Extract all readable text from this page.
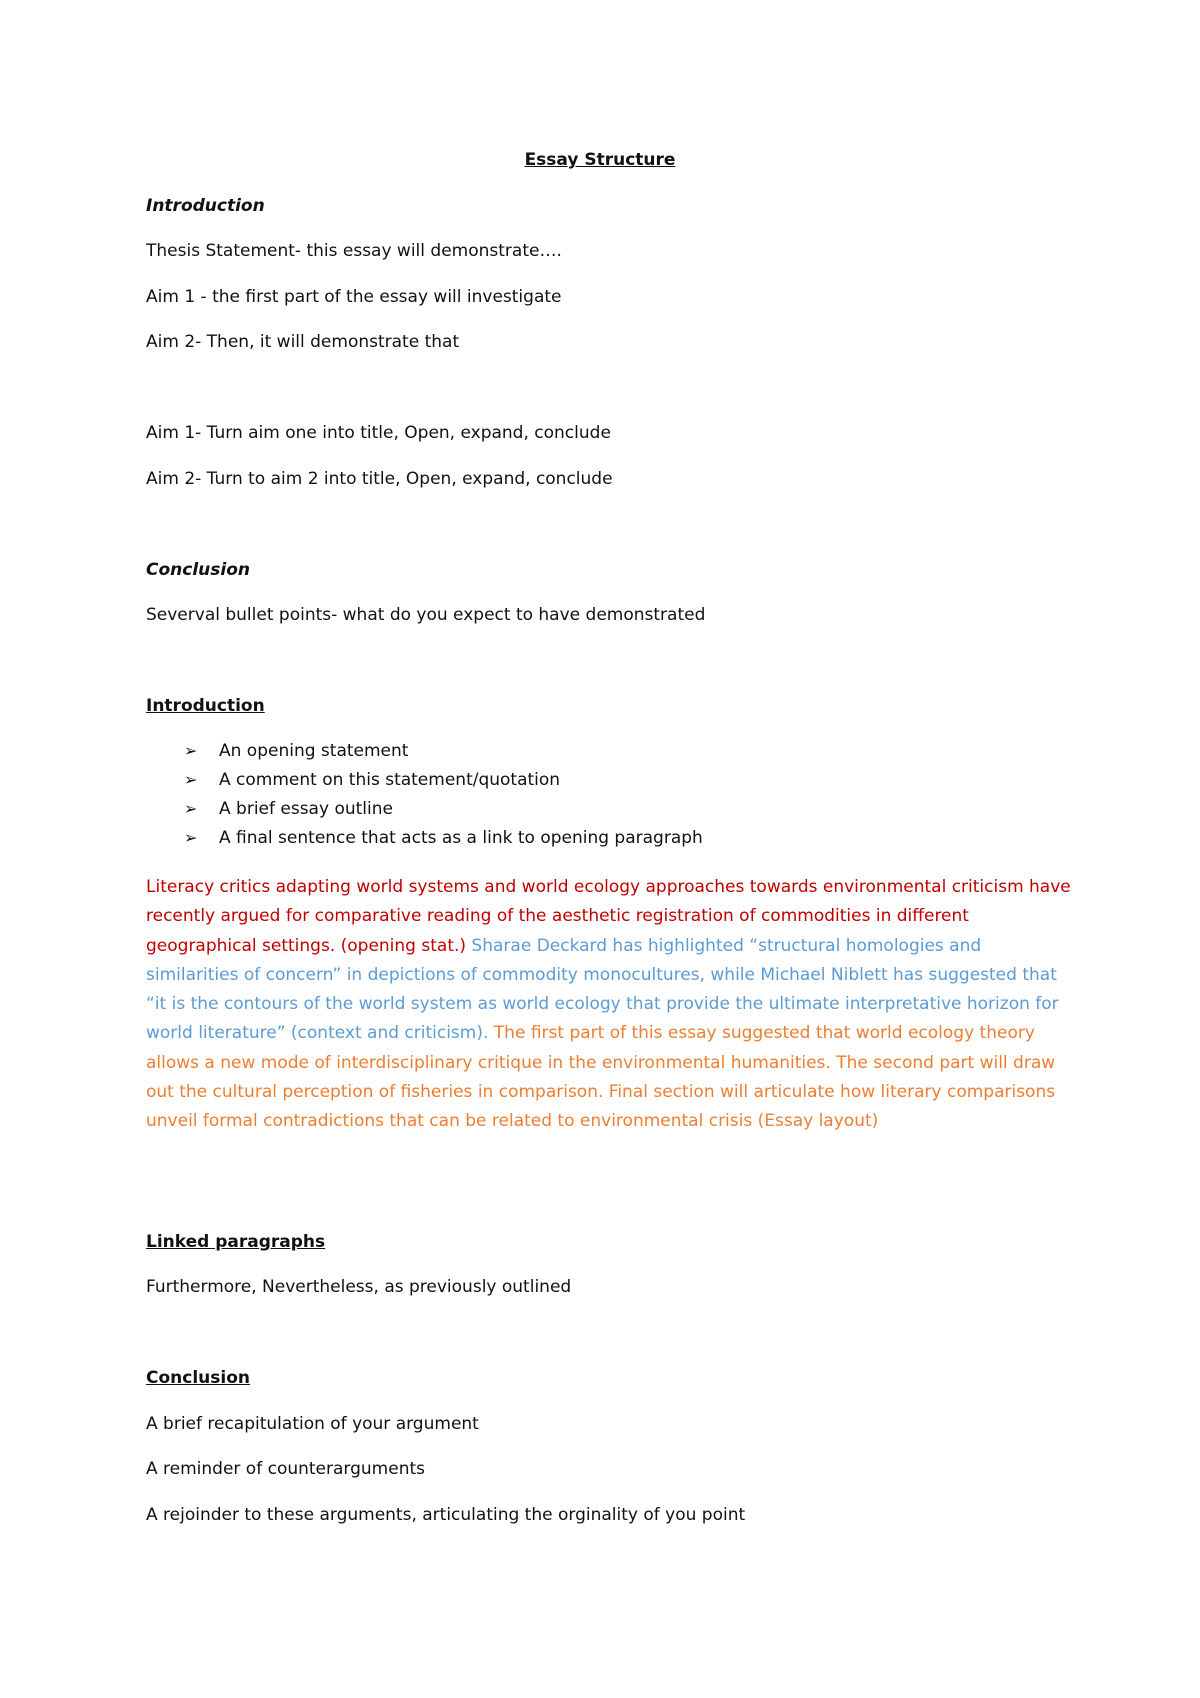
Essay Structure
Introduction
Thesis Statement- this essay will demonstrate….
Aim 1 - the first part of the essay will investigate
Aim 2- Then, it will demonstrate that
Aim 1- Turn aim one into title, Open, expand, conclude
Aim 2- Turn to aim 2 into title, Open, expand, conclude
Conclusion
Severval bullet points- what do you expect to have demonstrated
Introduction
➢ An opening statement
➢ A comment on this statement/quotation
➢ A brief essay outline
➢ A final sentence that acts as a link to opening paragraph

Literacy critics adapting world systems and world ecology approaches towards environmental criticism have recently argued for comparative reading of the aesthetic registration of commodities in different geographical settings. (opening stat.) Sharae Deckard has highlighted “structural homologies and similarities of concern” in depictions of commodity monocultures, while Michael Niblett has suggested that “it is the contours of the world system as world ecology that provide the ultimate interpretative horizon for world literature” (context and criticism). The first part of this essay suggested that world ecology theory allows a new mode of interdisciplinary critique in the environmental humanities. The second part will draw out the cultural perception of fisheries in comparison. Final section will articulate how literary comparisons unveil formal contradictions that can be related to environmental crisis (Essay layout)

Linked paragraphs
Furthermore, Nevertheless, as previously outlined
Conclusion
A brief recapitulation of your argument
A reminder of counterarguments
A rejoinder to these arguments, articulating the orginality of you point
